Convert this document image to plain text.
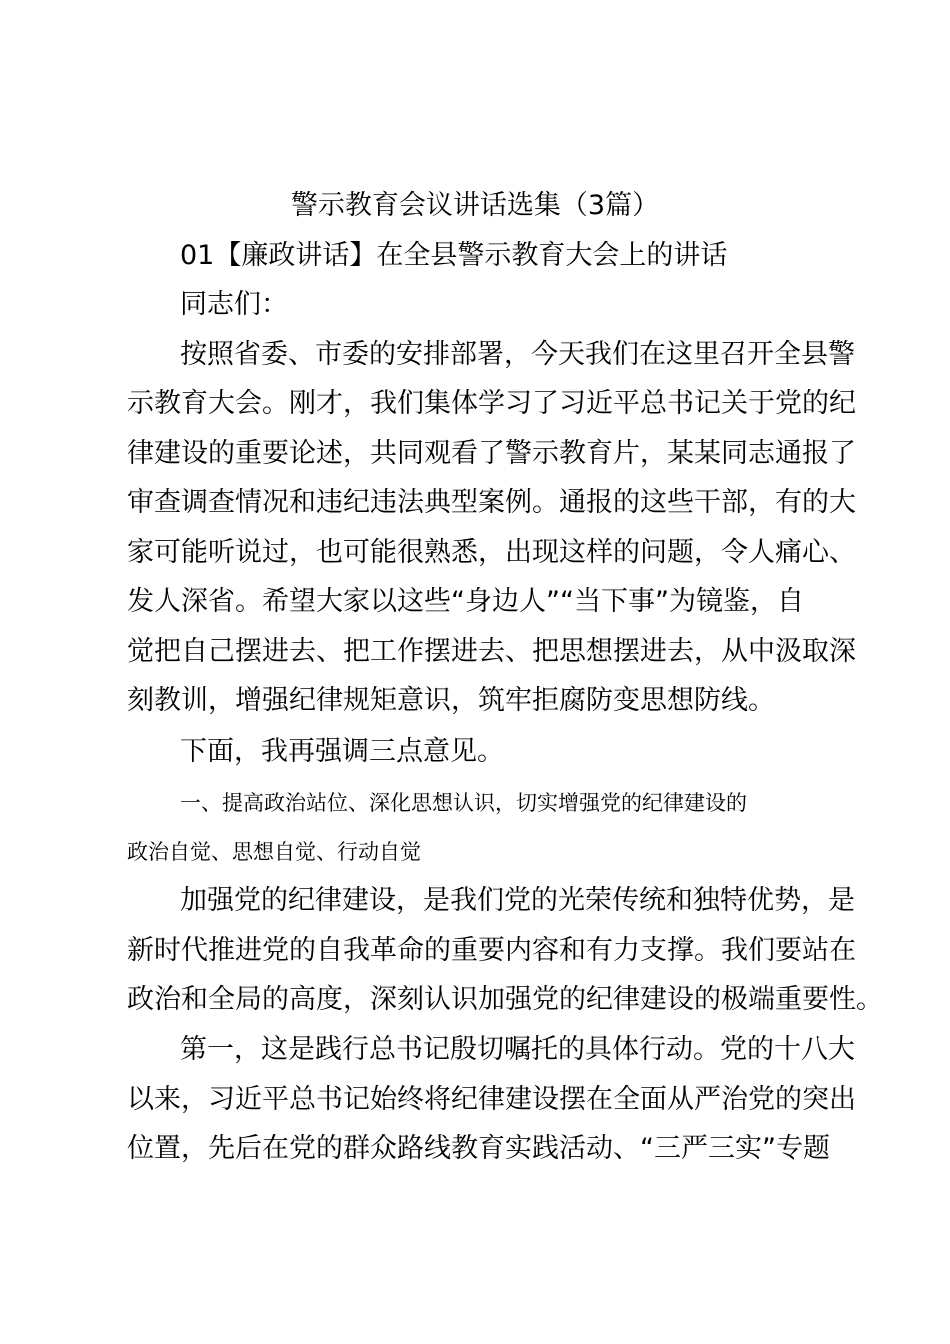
警示教育会议讲话选集（3篇）
01【廉政讲话】在全县警示教育大会上的讲话
同志们：
按照省委、市委的安排部署，今天我们在这里召开全县警
示教育大会。刚才，我们集体学习了习近平总书记关于党的纪
律建设的重要论述，共同观看了警示教育片，某某同志通报了
审查调查情况和违纪违法典型案例。通报的这些干部，有的大
家可能听说过，也可能很熟悉，出现这样的问题，令人痛心、
发人深省。希望大家以这些“身边人”“当下事”为镜鉴，自
觉把自己摆进去、把工作摆进去、把思想摆进去，从中汲取深
刻教训，增强纪律规矩意识，筑牢拒腐防变思想防线。
下面，我再强调三点意见。
一、提高政治站位、深化思想认识，切实增强党的纪律建设的
政治自觉、思想自觉、行动自觉
加强党的纪律建设，是我们党的光荣传统和独特优势，是
新时代推进党的自我革命的重要内容和有力支撑。我们要站在
政治和全局的高度，深刻认识加强党的纪律建设的极端重要性。
第一，这是践行总书记殷切嘱托的具体行动。党的十八大
以来，习近平总书记始终将纪律建设摆在全面从严治党的突出
位置，先后在党的群众路线教育实践活动、“三严三实”专题
